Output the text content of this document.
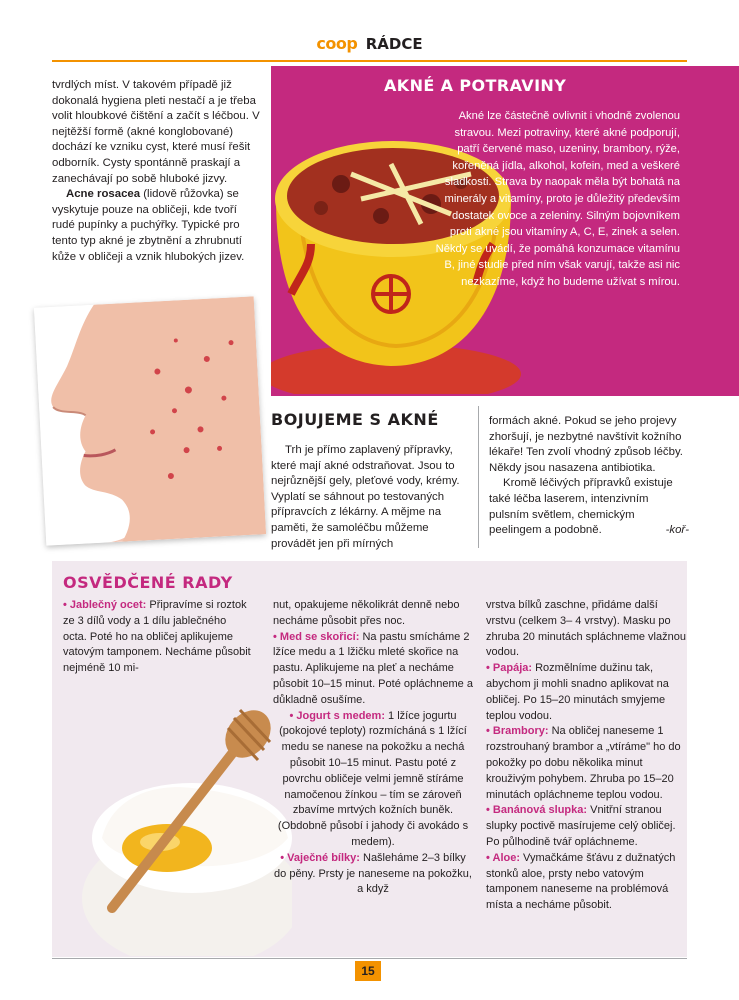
coop RÁDCE

tvrdlých míst. V takovém případě již dokonalá hygiena pleti nestačí a je třeba volit hloubkové čištění a začít s léčbou. V nejtěžší formě (akné konglobované) dochází ke vzniku cyst, které musí řešit odborník. Cysty spontánně praskají a zanechávají po sobě hluboké jizvy.

Acne rosacea (lidově růžovka) se vyskytuje pouze na obličeji, kde tvoří rudé pupínky a puchýřky. Typické pro tento typ akné je zbytnění a zhrubnutí kůže v obličeji a vznik hlubokých jizev.

AKNÉ A POTRAVINY
Akné lze částečně ovlivnit i vhodně zvolenou stravou. Mezi potraviny, které akné podporují, patří červené maso, uzeniny, brambory, rýže, kořeněná jídla, alkohol, kofein, med a veškeré sladkosti. Strava by naopak měla být bohatá na minerály a vitamíny, proto je důležitý především dostatek ovoce a zeleniny. Silným bojovníkem proti akné jsou vitamíny A, C, E, zinek a selen. Někdy se uvádí, že pomáhá konzumace vitamínu B, jiné studie před ním však varují, takže asi nic nezkazíme, když ho budeme užívat s mírou.
BOJUJEME S AKNÉ

Trh je přímo zaplavený přípravky, které mají akné odstraňovat. Jsou to nejrůznější gely, pleťové vody, krémy. Vyplatí se sáhnout po testovaných přípravcích z lékárny. A mějme na paměti, že samoléčbu můžeme provádět jen při mírných

formách akné. Pokud se jeho projevy zhoršují, je nezbytné navštívit kožního lékaře! Ten zvolí vhodný způsob léčby. Někdy jsou nasazena antibiotika.

Kromě léčivých přípravků existuje také léčba laserem, intenzivním pulsním světlem, chemickým peelingem a podobně.	-koř-

OSVĚDČENÉ RADY

• Jablečný ocet: Připravíme si roztok ze 3 dílů vody a 1 dílu jablečného octa. Poté ho na obličej aplikujeme vatovým tamponem. Necháme působit nejméně 10 mi-

nut, opakujeme několikrát denně nebo necháme působit přes noc.

• Med se skořicí: Na pastu smícháme 2 lžíce medu a 1 lžičku mleté skořice na pastu. Aplikujeme na pleť a necháme působit 10–15 minut. Poté opláchneme a důkladně osušíme.

• Jogurt s medem: 1 lžíce jogurtu (pokojové teploty) rozmícháná s 1 lžící medu se nanese na pokožku a nechá působit 10–15 minut. Pastu poté z povrchu obličeje velmi jemně stíráme namočenou žínkou – tím se zároveň zbavíme mrtvých kožních buněk. (Obdobně působí i jahody či avokádo s medem).

• Vaječné bílky: Našleháme 2–3 bílky do pěny. Prsty je naneseme na pokožku, a když

vrstva bílků zaschne, přidáme další vrstvu (celkem 3– 4 vrstvy). Masku po zhruba 20 minutách spláchneme vlažnou vodou.

• Papája: Rozmělníme dužinu tak, abychom ji mohli snadno aplikovat na obličej. Po 15–20 minutách smyjeme teplou vodou.

• Brambory: Na obličej naneseme 1 rozstrouhaný brambor a „vtíráme" ho do pokožky po dobu několika minut krouživým pohybem. Zhruba po 15–20 minutách opláchneme teplou vodou.

• Banánová slupka: Vnitřní stranou slupky poctivě masírujeme celý obličej. Po půlhodině tvář opláchneme.

• Aloe: Vymačkáme šťávu z dužnatých stonků aloe, prsty nebo vatovým tamponem naneseme na problémová místa a necháme působit.

15
